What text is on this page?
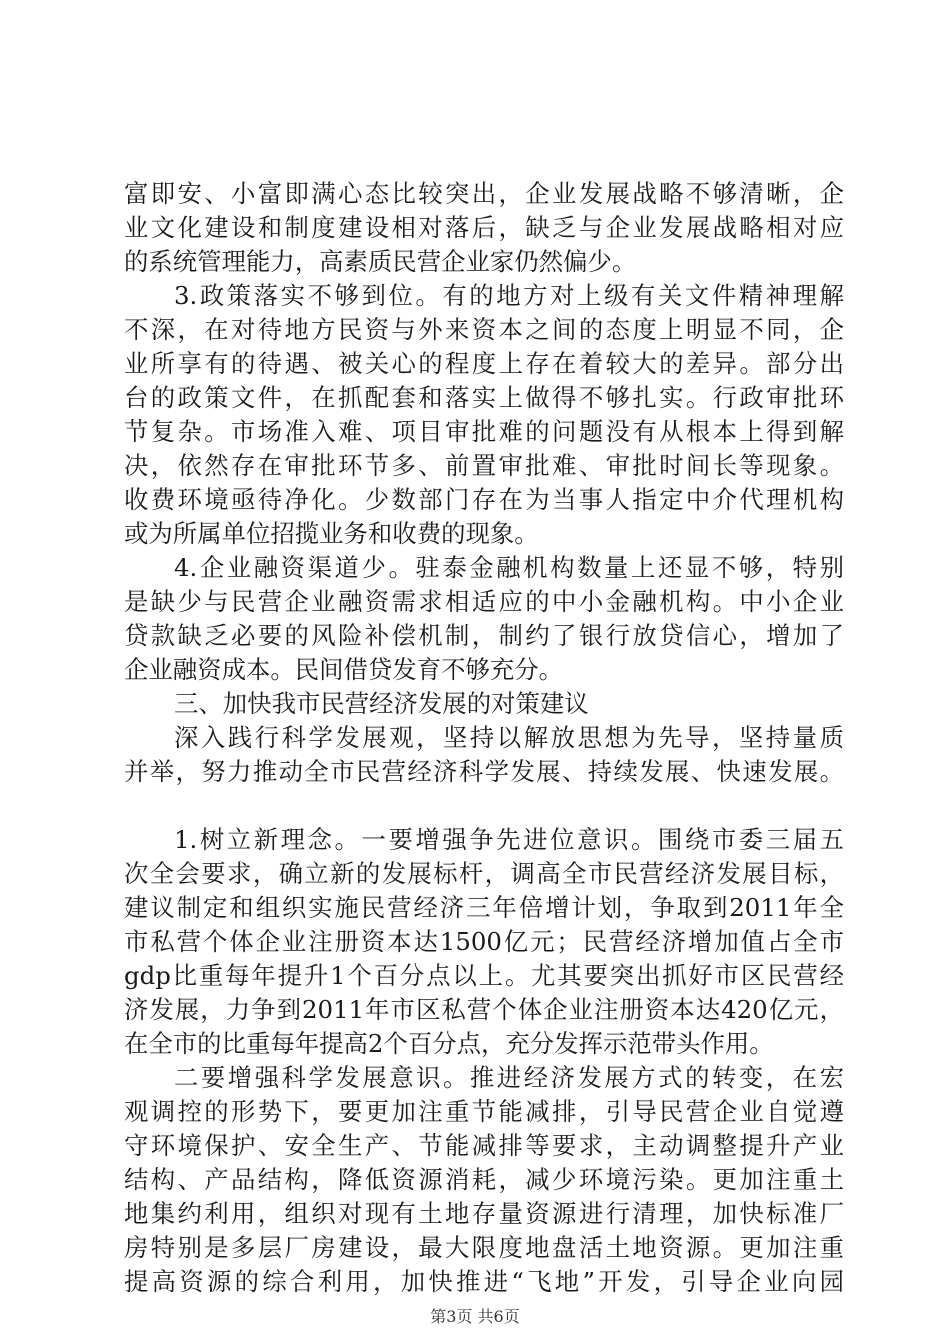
富即安、小富即满心态比较突出，企业发展战略不够清晰，企
业文化建设和制度建设相对落后，缺乏与企业发展战略相对应
的系统管理能力，高素质民营企业家仍然偏少。
3.政策落实不够到位。有的地方对上级有关文件精神理解
不深，在对待地方民资与外来资本之间的态度上明显不同，企
业所享有的待遇、被关心的程度上存在着较大的差异。部分出
台的政策文件，在抓配套和落实上做得不够扎实。行政审批环
节复杂。市场准入难、项目审批难的问题没有从根本上得到解
决，依然存在审批环节多、前置审批难、审批时间长等现象。
收费环境亟待净化。少数部门存在为当事人指定中介代理机构
或为所属单位招揽业务和收费的现象。
4.企业融资渠道少。驻泰金融机构数量上还显不够，特别
是缺少与民营企业融资需求相适应的中小金融机构。中小企业
贷款缺乏必要的风险补偿机制，制约了银行放贷信心，增加了
企业融资成本。民间借贷发育不够充分。
三、加快我市民营经济发展的对策建议
深入践行科学发展观，坚持以解放思想为先导，坚持量质
并举，努力推动全市民营经济科学发展、持续发展、快速发展。
1.树立新理念。一要增强争先进位意识。围绕市委三届五
次全会要求，确立新的发展标杆，调高全市民营经济发展目标，
建议制定和组织实施民营经济三年倍增计划，争取到2011年全
市私营个体企业注册资本达1500亿元；民营经济增加值占全市
gdp比重每年提升1个百分点以上。尤其要突出抓好市区民营经
济发展，力争到2011年市区私营个体企业注册资本达420亿元，
在全市的比重每年提高2个百分点，充分发挥示范带头作用。
二要增强科学发展意识。推进经济发展方式的转变，在宏
观调控的形势下，要更加注重节能减排，引导民营企业自觉遵
守环境保护、安全生产、节能减排等要求，主动调整提升产业
结构、产品结构，降低资源消耗，减少环境污染。更加注重土
地集约利用，组织对现有土地存量资源进行清理，加快标准厂
房特别是多层厂房建设，最大限度地盘活土地资源。更加注重
提高资源的综合利用，加快推进“飞地”开发，引导企业向园
第3页 共6页
